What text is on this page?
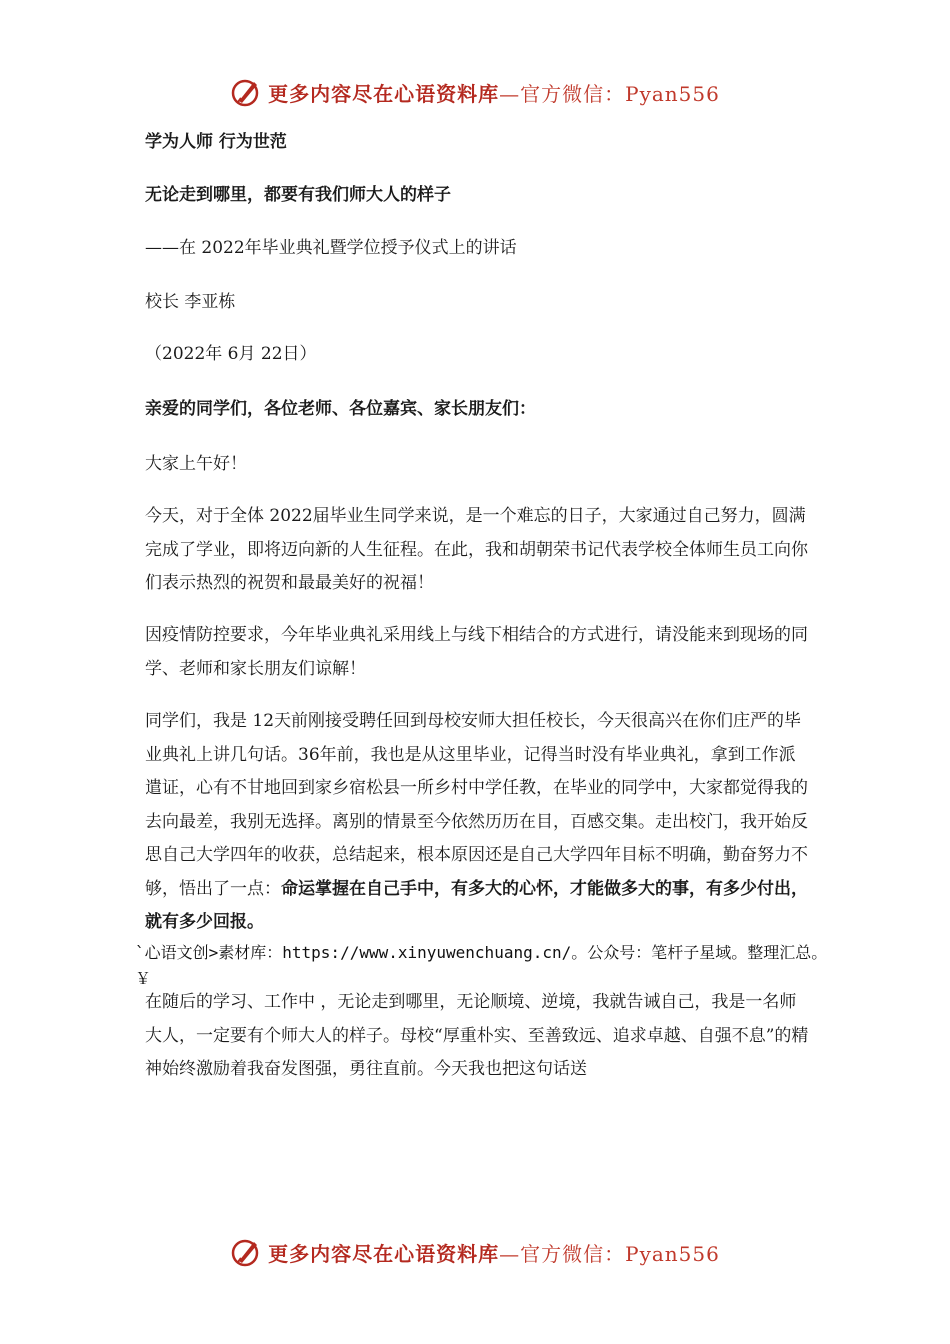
更多内容尽在心语资料库—官方微信：Pyan556

学为人师 行为世范

无论走到哪里，都要有我们师大人的样子

——在 2022年毕业典礼暨学位授予仪式上的讲话

校长 李亚栋

（2022年 6月 22日）

亲爱的同学们，各位老师、各位嘉宾、家长朋友们：

大家上午好！

今天，对于全体 2022届毕业生同学来说，是一个难忘的日子，大家通过自己努力，圆满完成了学业，即将迈向新的人生征程。在此，我和胡朝荣书记代表学校全体师生员工向你们表示热烈的祝贺和最最美好的祝福！

因疫情防控要求，今年毕业典礼采用线上与线下相结合的方式进行，请没能来到现场的同学、老师和家长朋友们谅解！

同学们，我是 12天前刚接受聘任回到母校安师大担任校长，今天很高兴在你们庄严的毕业典礼上讲几句话。36年前，我也是从这里毕业，记得当时没有毕业典礼，拿到工作派遣证，心有不甘地回到家乡宿松县一所乡村中学任教，在毕业的同学中，大家都觉得我的去向最差，我别无选择。离别的情景至今依然历历在目，百感交集。走出校门，我开始反思自己大学四年的收获，总结起来，根本原因还是自己大学四年目标不明确，勤奋努力不够，悟出了一点：命运掌握在自己手中，有多大的心怀，才能做多大的事，有多少付出，就有多少回报。

在随后的学习、工作中 ，无论走到哪里，无论顺境、逆境，我就告诫自己，我是一名师大人，一定要有个师大人的样子。母校“厚重朴实、至善致远、追求卓越、自强不息”的精神始终激励着我奋发图强，勇往直前。今天我也把这句话送

`心语文创>素材库：https://www.xinyuwenchuang.cn/。公众号：笔杆子星域。整理汇总。￥
更多内容尽在心语资料库—官方微信：Pyan556
